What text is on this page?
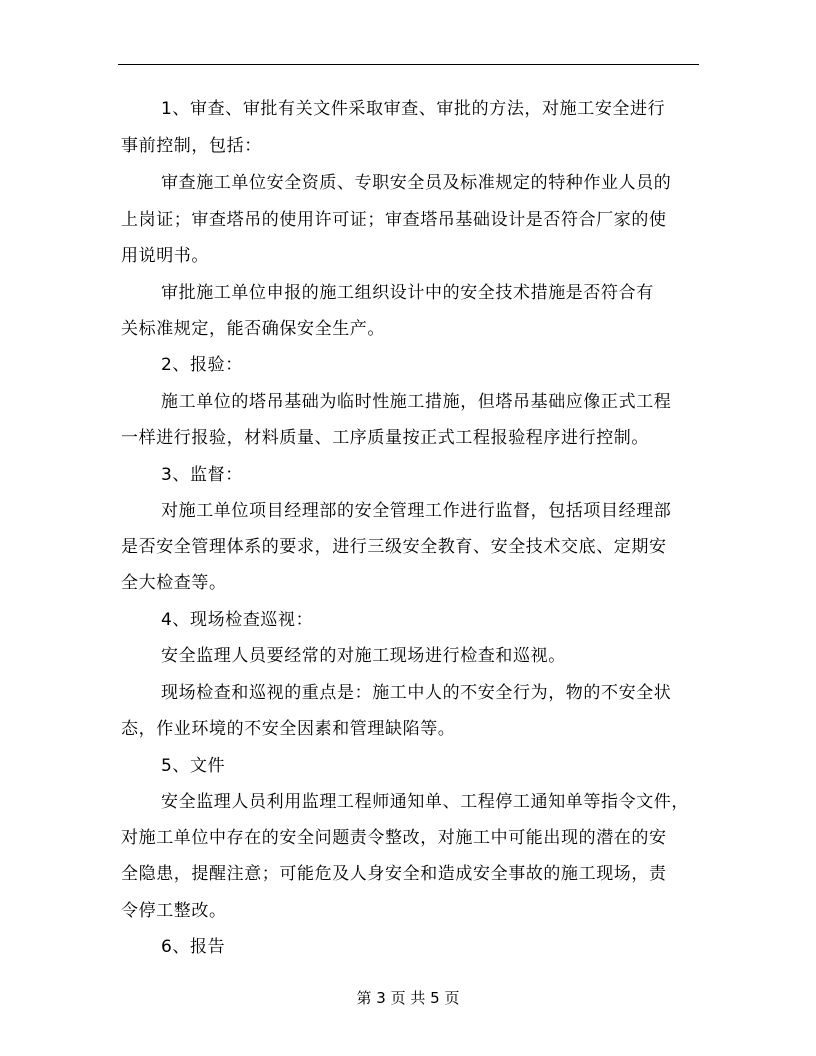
1、审查、审批有关文件采取审查、审批的方法，对施工安全进行
事前控制，包括：
审查施工单位安全资质、专职安全员及标准规定的特种作业人员的
上岗证；审查塔吊的使用许可证；审查塔吊基础设计是否符合厂家的使
用说明书。
审批施工单位申报的施工组织设计中的安全技术措施是否符合有
关标准规定，能否确保安全生产。
2、报验：
施工单位的塔吊基础为临时性施工措施，但塔吊基础应像正式工程
一样进行报验，材料质量、工序质量按正式工程报验程序进行控制。
3、监督：
对施工单位项目经理部的安全管理工作进行监督，包括项目经理部
是否安全管理体系的要求，进行三级安全教育、安全技术交底、定期安
全大检查等。
4、现场检查巡视：
安全监理人员要经常的对施工现场进行检查和巡视。
现场检查和巡视的重点是：施工中人的不安全行为，物的不安全状
态，作业环境的不安全因素和管理缺陷等。
5、文件
安全监理人员利用监理工程师通知单、工程停工通知单等指令文件，
对施工单位中存在的安全问题责令整改，对施工中可能出现的潜在的安
全隐患，提醒注意；可能危及人身安全和造成安全事故的施工现场，责
令停工整改。
6、报告
第 3 页 共 5 页
